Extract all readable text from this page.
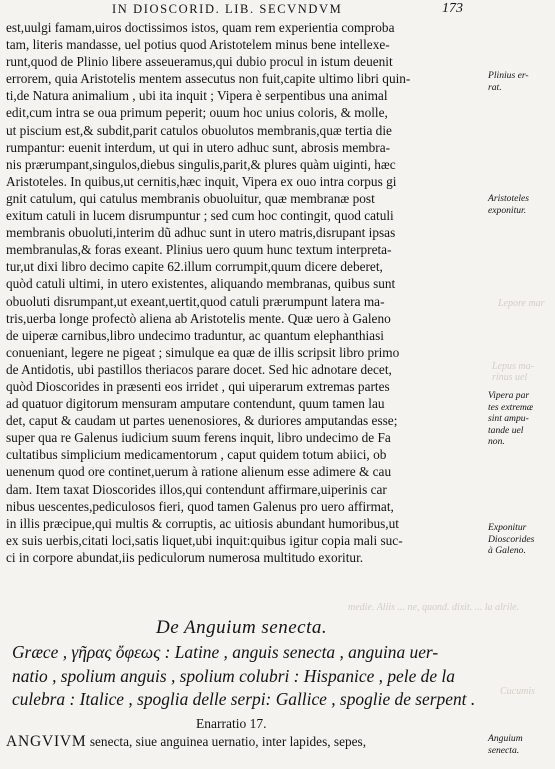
IN DIOSCORID. LIB. SECVNDVM	173
Lepore mar
Lepus ma-
rinus uel
Cucumis
medie. Aliis ... ne, quond. dixit. ... la alrile.
est,uulgi famam,uiros doctissimos istos, quam rem experientia comproba
tam, literis mandasse, uel potius quod Aristotelem minus bene intellexe-
runt,quod de Plinio libere asseueramus,qui dubio procul in istum deuenit
errorem, quia Aristotelis mentem assecutus non fuit,capite ultimo libri quin-
ti,de Natura animalium , ubi ita inquit ; Vipera è serpentibus una animal
edit,cum intra se oua primum peperit; ouum hoc unius coloris, & molle,
ut piscium est,& subdit,parit catulos obuolutos membranis,quæ tertia die
rumpantur: euenit interdum, ut qui in utero adhuc sunt, abrosis membra-
nis prærumpant,singulos,diebus singulis,parit,& plures quàm uiginti, hæc
Aristoteles. In quibus,ut cernitis,hæc inquit, Vipera ex ouo intra corpus gi
gnit catulum, qui catulus membranis obuoluitur, quæ membranæ post
exitum catuli in lucem disrumpuntur ; sed cum hoc contingit, quod catuli
membranis obuoluti,interim dũ adhuc sunt in utero matris,disrupant ipsas
membranulas,& foras exeant. Plinius uero quum hunc textum interpreta-
tur,ut dixi libro decimo capite 62.illum corrumpit,quum dicere deberet,
quòd catuli ultimi, in utero existentes, aliquando membranas, quibus sunt
obuoluti disrumpant,ut exeant,uertit,quod catuli prærumpunt latera ma-
tris,uerba longe profectò aliena ab Aristotelis mente. Quæ uero à Galeno
de uiperæ carnibus,libro undecimo traduntur, ac quantum elephanthiasi
conueniant, legere ne pigeat ; simulque ea quæ de illis scripsit libro primo
de Antidotis, ubi pastillos theriacos parare docet. Sed hic adnotare decet,
quòd Dioscorides in præsenti eos irridet , qui uiperarum extremas partes
ad quatuor digitorum mensuram amputare contendunt, quum tamen lau
det, caput & caudam ut partes uenenosiores, & duriores amputandas esse;
super qua re Galenus iudicium suum ferens inquit, libro undecimo de Fa
cultatibus simplicium medicamentorum , caput quidem totum abiici, ob
uenenum quod ore continet,uerum à ratione alienum esse adimere & cau
dam. Item taxat Dioscorides illos,qui contendunt affirmare,uiperinis car
nibus uescentes,pediculosos fieri, quod tamen Galenus pro uero affirmat,
in illis præcipue,qui multis & corruptis, ac uitiosis abundant humoribus,ut
ex suis uerbis,citati loci,satis liquet,ubi inquit:quibus igitur copia mali suc-
ci in corpore abundat,iis pediculorum numerosa multitudo exoritur.
De Anguium senecta.
Græce , γῆρας ὄφεως : Latine , anguis senecta , anguina uer-
natio , spolium anguis , spolium colubri : Hispanice , pele de la
culebra : Italice , spoglia delle serpi: Gallice , spoglie de serpent .
Enarratio 17.
ANGVIVM senecta, siue anguinea uernatio, inter lapides, sepes,
Plinius er-
rat.
Aristoteles
exponitur.
Vipera par
tes extremæ
sint ampu-
tande uel
non.
Exponitur
Dioscorides
à Galeno.
Anguium
senecta.
